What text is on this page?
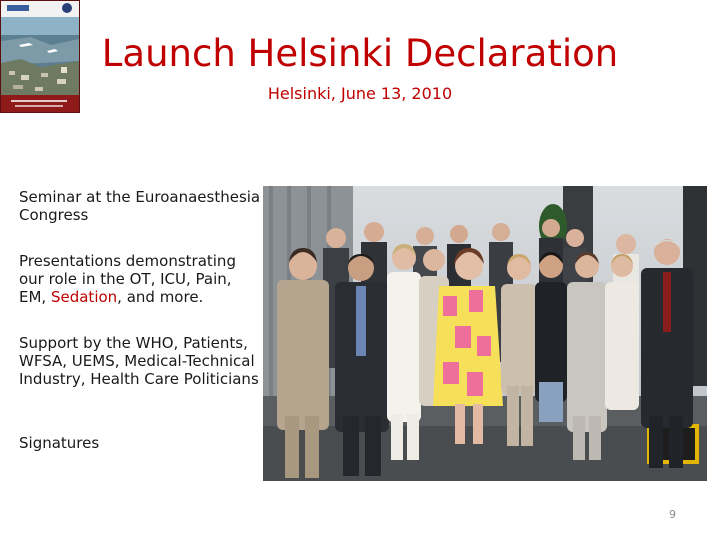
Launch Helsinki Declaration
Helsinki, June 13, 2010

Seminar at the Euroanaesthesia Congress

Presentations demonstrating our role in the OT, ICU, Pain, EM, Sedation, and more.

Support by the WHO, Patients, WFSA, UEMS, Medical-Technical Industry, Health Care Politicians

Signatures

9
